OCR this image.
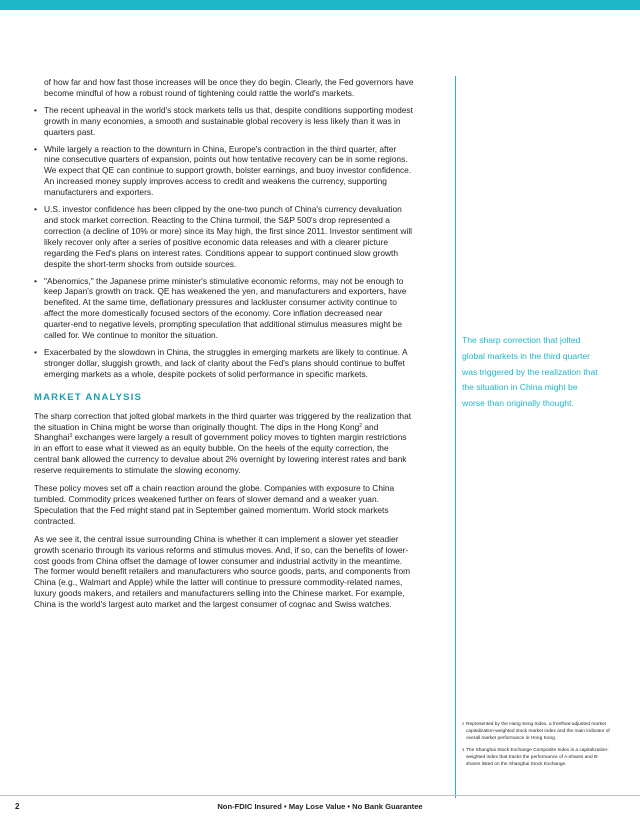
of how far and how fast those increases will be once they do begin. Clearly, the Fed governors have become mindful of how a robust round of tightening could rattle the world's markets.

• The recent upheaval in the world's stock markets tells us that, despite conditions supporting modest growth in many economies, a smooth and sustainable global recovery is less likely than it was in quarters past.
• While largely a reaction to the downturn in China, Europe's contraction in the third quarter, after nine consecutive quarters of expansion, points out how tentative recovery can be in some regions. We expect that QE can continue to support growth, bolster earnings, and buoy investor confidence. An increased money supply improves access to credit and weakens the currency, supporting manufacturers and exporters.
• U.S. investor confidence has been clipped by the one-two punch of China's currency devaluation and stock market correction. Reacting to the China turmoil, the S&P 500's drop represented a correction (a decline of 10% or more) since its May high, the first since 2011. Investor sentiment will likely recover only after a series of positive economic data releases and with a clearer picture regarding the Fed's plans on interest rates. Conditions appear to support continued slow growth despite the short-term shocks from outside sources.
• "Abenomics," the Japanese prime minister's stimulative economic reforms, may not be enough to keep Japan's growth on track. QE has weakened the yen, and manufacturers and exporters, have benefited. At the same time, deflationary pressures and lackluster consumer activity continue to affect the more domestically focused sectors of the economy. Core inflation decreased near quarter-end to negative levels, prompting speculation that additional stimulus measures might be called for. We continue to monitor the situation.
• Exacerbated by the slowdown in China, the struggles in emerging markets are likely to continue. A stronger dollar, sluggish growth, and lack of clarity about the Fed's plans should continue to buffet emerging markets as a whole, despite pockets of solid performance in specific markets.
MARKET ANALYSIS

The sharp correction that jolted global markets in the third quarter was triggered by the realization that the situation in China might be worse than originally thought. The dips in the Hong Kong$^2$ and Shanghai$^3$ exchanges were largely a result of government policy moves to tighten margin restrictions in an effort to ease what it viewed as an equity bubble. On the heels of the equity correction, the central bank allowed the currency to devalue about 2% overnight by lowering interest rates and bank reserve requirements to stimulate the slowing economy.

These policy moves set off a chain reaction around the globe. Companies with exposure to China tumbled. Commodity prices weakened further on fears of slower demand and a weaker yuan. Speculation that the Fed might stand pat in September gained momentum. World stock markets contracted.

As we see it, the central issue surrounding China is whether it can implement a slower yet steadier growth scenario through its various reforms and stimulus moves. And, if so, can the benefits of lower-cost goods from China offset the damage of lower consumer and industrial activity in the meantime. The former would benefit retailers and manufacturers who source goods, parts, and components from China (e.g., Walmart and Apple) while the latter will continue to pressure commodity-related names, luxury goods makers, and retailers and manufacturers selling into the Chinese market. For example, China is the world's largest auto market and the largest consumer of cognac and Swiss watches.

The sharp correction that jolted global markets in the third quarter was triggered by the realization that the situation in China might be worse than originally thought.

2 Represented by the Hang Seng Index, a freefloat-adjusted market capitalization-weighted stock market index and the main indicator of overall market performance in Hong Kong.

3 The Shanghai Stock Exchange Composite Index is a capitalization-weighted index that tracks the performance of A-shares and B-shares listed on the Shanghai Stock Exchange.

2	Non-FDIC Insured • May Lose Value • No Bank Guarantee
